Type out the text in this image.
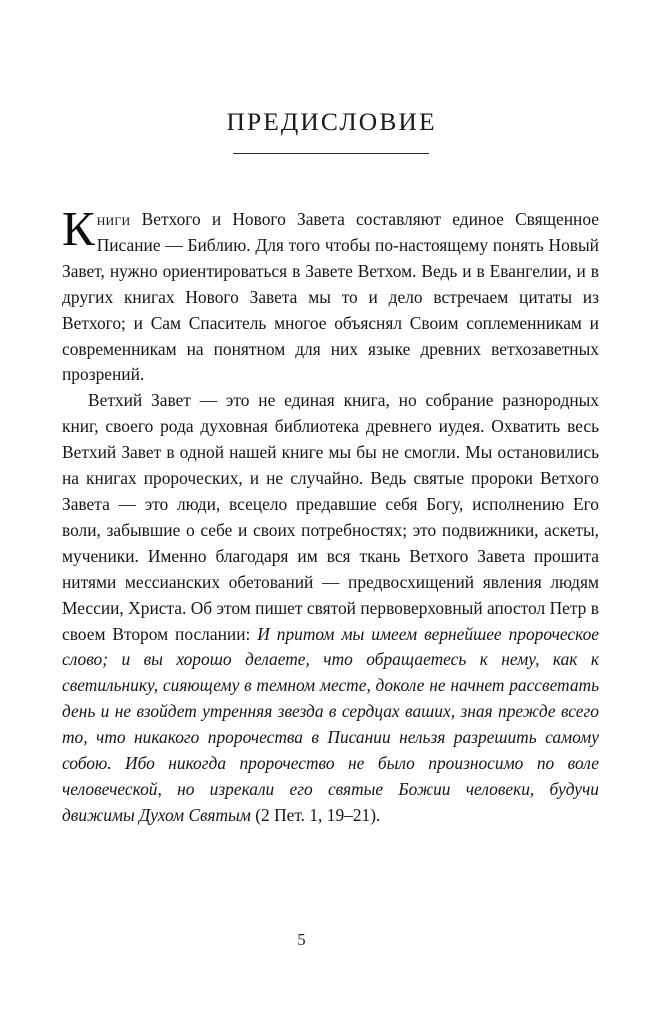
ПРЕДИСЛОВИЕ

Книги Ветхого и Нового Завета составляют единое Священное Писание — Библию. Для того чтобы по-настоящему понять Новый Завет, нужно ориентироваться в Завете Ветхом. Ведь и в Евангелии, и в других книгах Нового Завета мы то и дело встречаем цитаты из Ветхого; и Сам Спаситель многое объяснял Своим соплеменникам и современникам на понятном для них языке древних ветхозаветных прозрений.

Ветхий Завет — это не единая книга, но собрание разнородных книг, своего рода духовная библиотека древнего иудея. Охватить весь Ветхий Завет в одной нашей книге мы бы не смогли. Мы остановились на книгах пророческих, и не случайно. Ведь святые пророки Ветхого Завета — это люди, всецело предавшие себя Богу, исполнению Его воли, забывшие о себе и своих потребностях; это подвижники, аскеты, мученики. Именно благодаря им вся ткань Ветхого Завета прошита нитями мессианских обетований — предвосхищений явления людям Мессии, Христа. Об этом пишет святой первоверховный апостол Петр в своем Втором послании: И притом мы имеем вернейшее пророческое слово; и вы хорошо делаете, что обращаетесь к нему, как к светильнику, сияющему в темном месте, доколе не начнет рассветать день и не взойдет утренняя звезда в сердцах ваших, зная прежде всего то, что никакого пророчества в Писании нельзя разрешить самому собою. Ибо никогда пророчество не было произносимо по воле человеческой, но изрекали его святые Божии человеки, будучи движимы Духом Святым (2 Пет. 1, 19–21).

5
